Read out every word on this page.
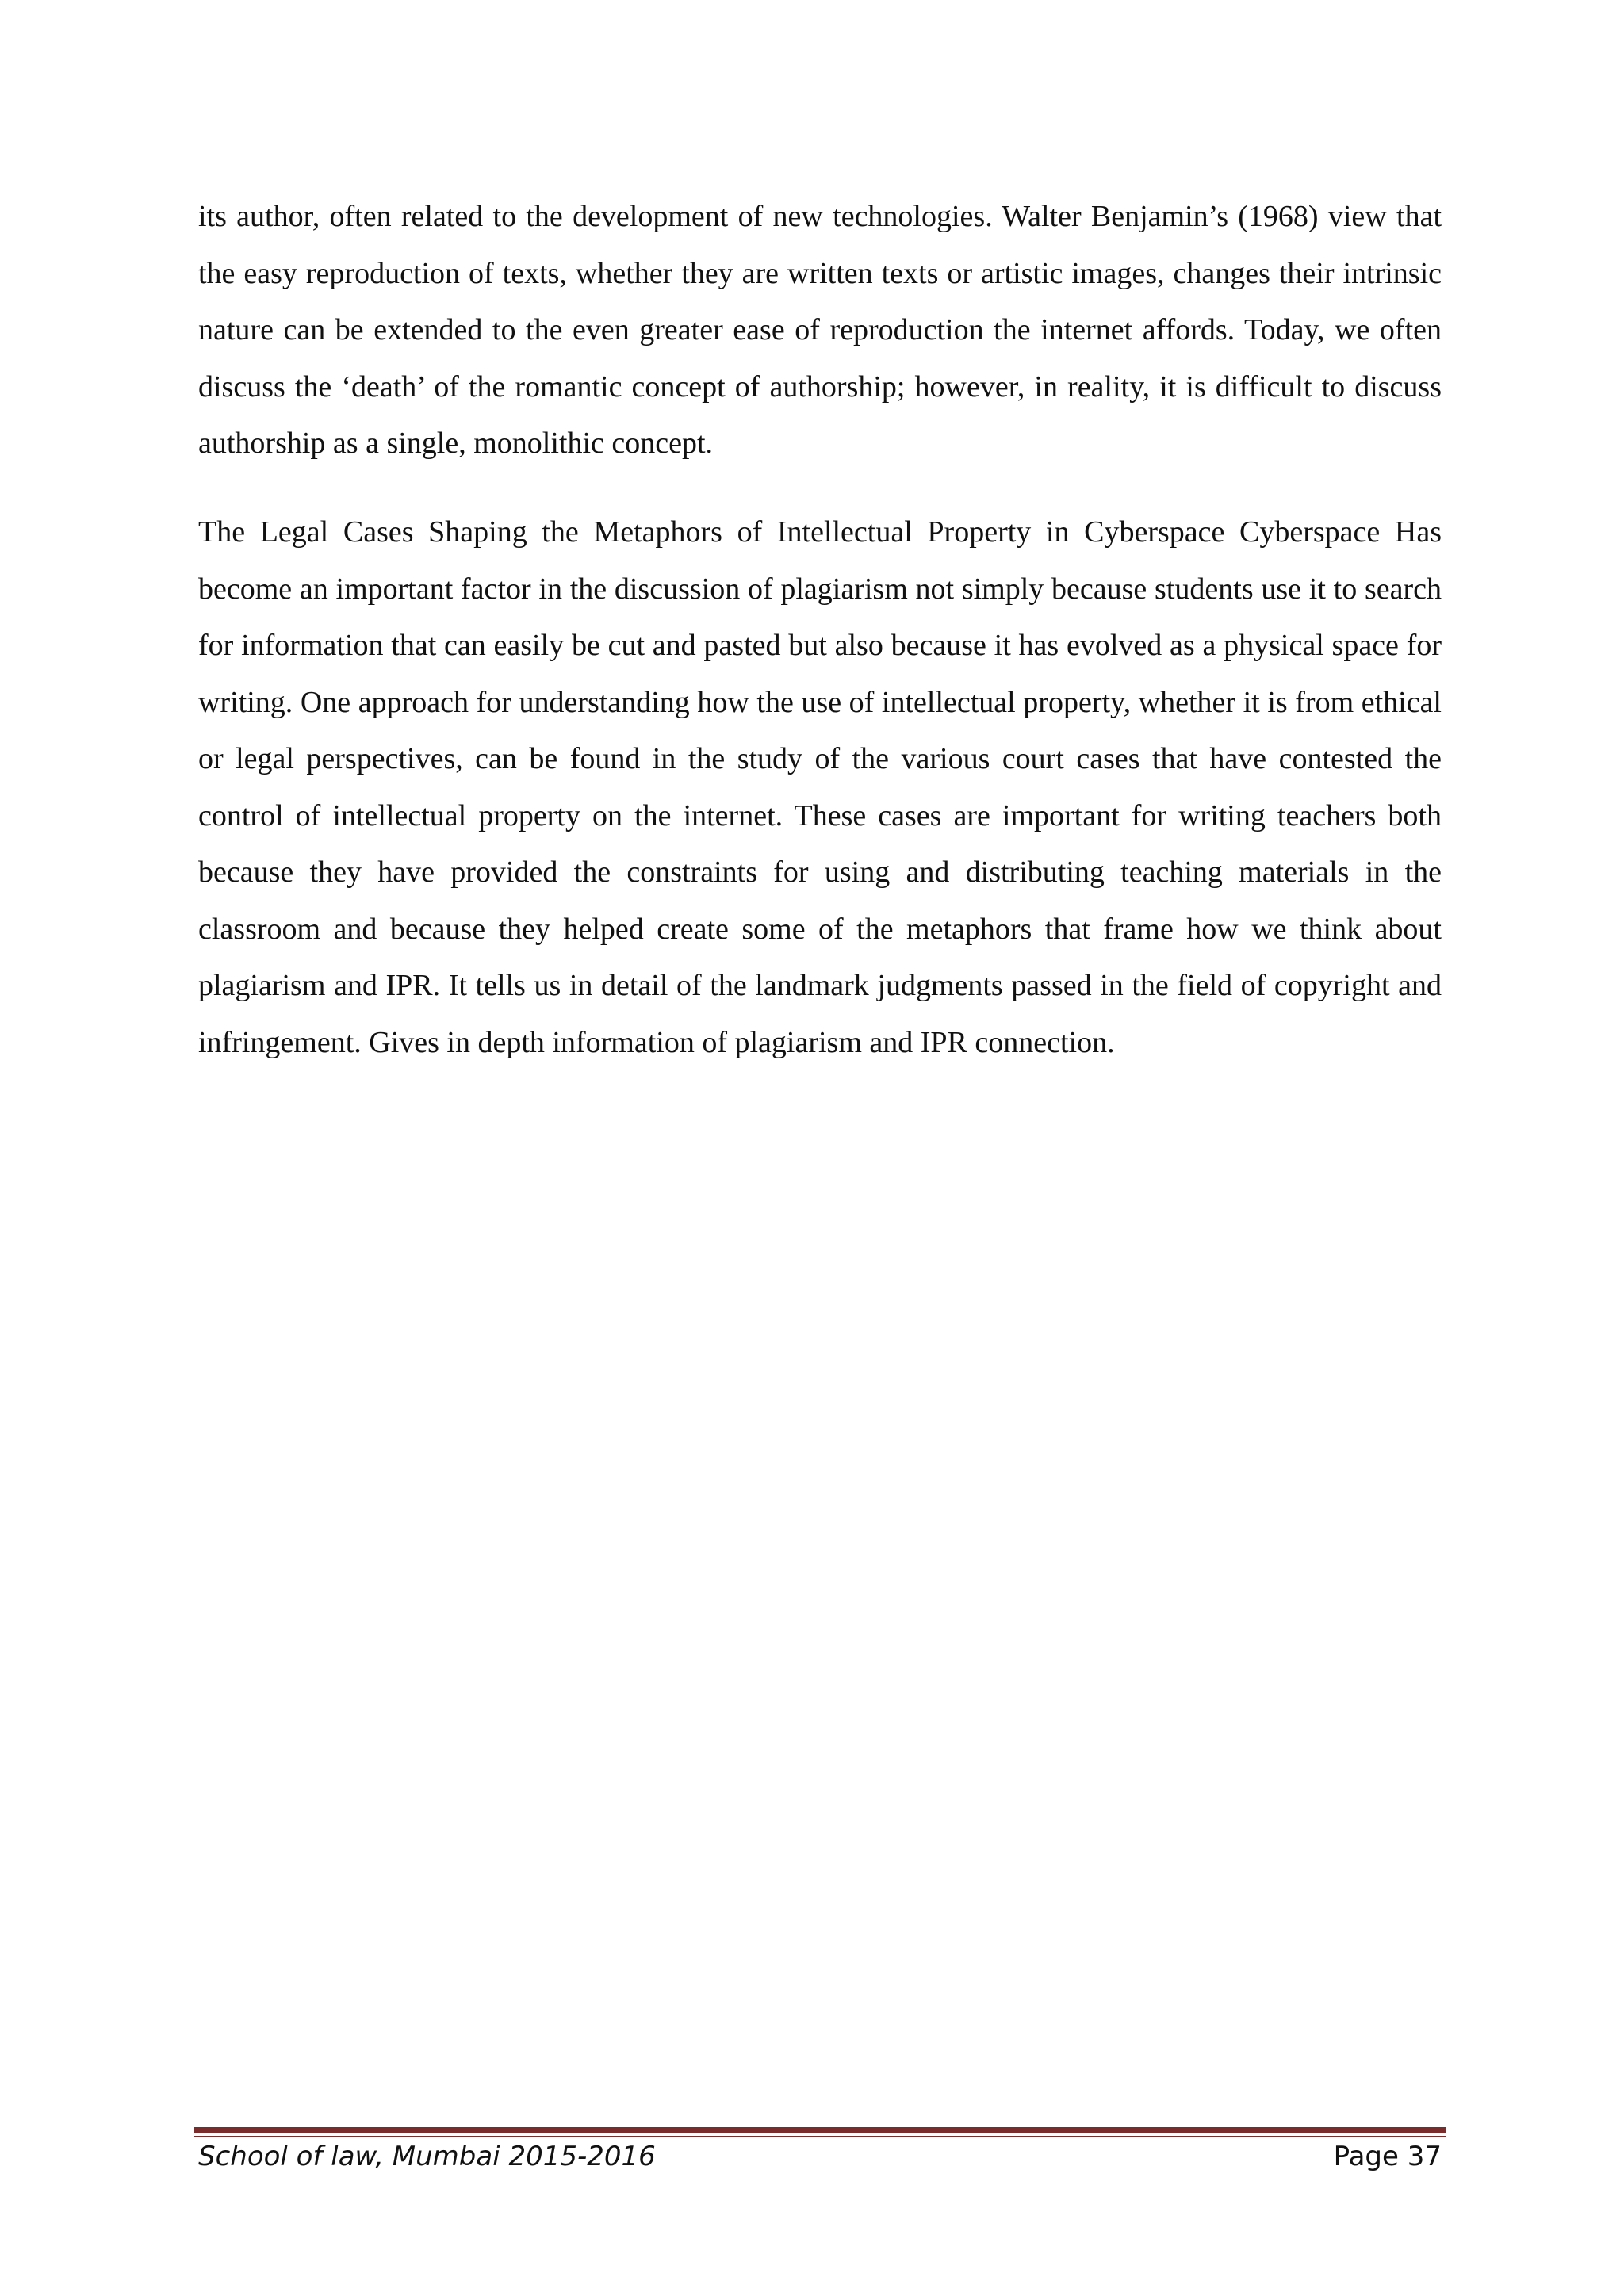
its author, often related to the development of new technologies. Walter Benjamin’s (1968) view that the easy reproduction of texts, whether they are written texts or artistic images, changes their intrinsic nature can be extended to the even greater ease of reproduction the internet affords. Today, we often discuss the ‘death’ of the romantic concept of authorship; however, in reality, it is difficult to discuss authorship as a single, monolithic concept.

The Legal Cases Shaping the Metaphors of Intellectual Property in Cyberspace Cyberspace Has become an important factor in the discussion of plagiarism not simply because students use it to search for information that can easily be cut and pasted but also because it has evolved as a physical space for writing. One approach for understanding how the use of intellectual property, whether it is from ethical or legal perspectives, can be found in the study of the various court cases that have contested the control of intellectual property on the internet. These cases are important for writing teachers both because they have provided the constraints for using and distributing teaching materials in the classroom and because they helped create some of the metaphors that frame how we think about plagiarism and IPR. It tells us in detail of the landmark judgments passed in the field of copyright and infringement. Gives in depth information of plagiarism and IPR connection.

School of law, Mumbai 2015-2016	Page 37
